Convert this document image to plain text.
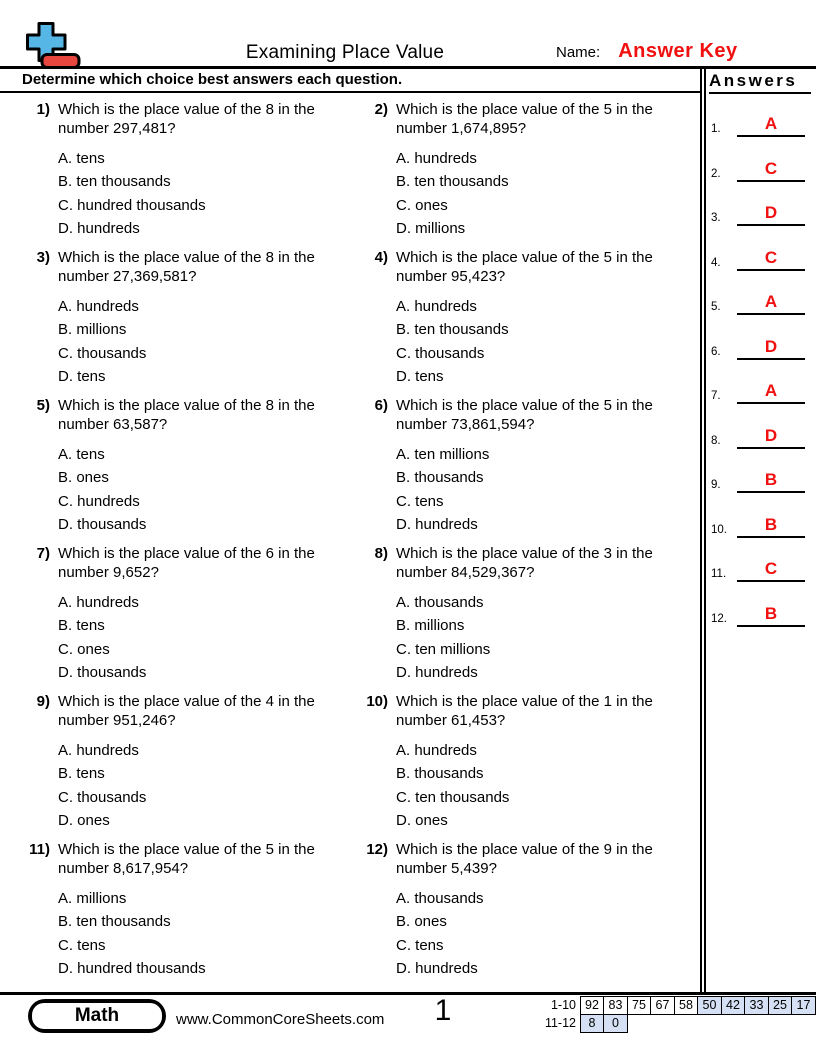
Examining Place Value	Name: Answer Key
Determine which choice best answers each question.
1) Which is the place value of the 8 in the number 297,481?
A. tens
B. ten thousands
C. hundred thousands
D. hundreds
2) Which is the place value of the 5 in the number 1,674,895?
A. hundreds
B. ten thousands
C. ones
D. millions
3) Which is the place value of the 8 in the number 27,369,581?
A. hundreds
B. millions
C. thousands
D. tens
4) Which is the place value of the 5 in the number 95,423?
A. hundreds
B. ten thousands
C. thousands
D. tens
5) Which is the place value of the 8 in the number 63,587?
A. tens
B. ones
C. hundreds
D. thousands
6) Which is the place value of the 5 in the number 73,861,594?
A. ten millions
B. thousands
C. tens
D. hundreds
7) Which is the place value of the 6 in the number 9,652?
A. hundreds
B. tens
C. ones
D. thousands
8) Which is the place value of the 3 in the number 84,529,367?
A. thousands
B. millions
C. ten millions
D. hundreds
9) Which is the place value of the 4 in the number 951,246?
A. hundreds
B. tens
C. thousands
D. ones
10) Which is the place value of the 1 in the number 61,453?
A. hundreds
B. thousands
C. ten thousands
D. ones
11) Which is the place value of the 5 in the number 8,617,954?
A. millions
B. ten thousands
C. tens
D. hundred thousands
12) Which is the place value of the 9 in the number 5,439?
A. thousands
B. ones
C. tens
D. hundreds
Answers
1.	A
2.	C
3.	D
4.	C
5.	A
6.	D
7.	A
8.	D
9.	B
10.	B
11.	C
12.	B
Math	www.CommonCoreSheets.com	1	1-10 92 83 75 67 58 50 42 33 25 17
11-12	8	0
